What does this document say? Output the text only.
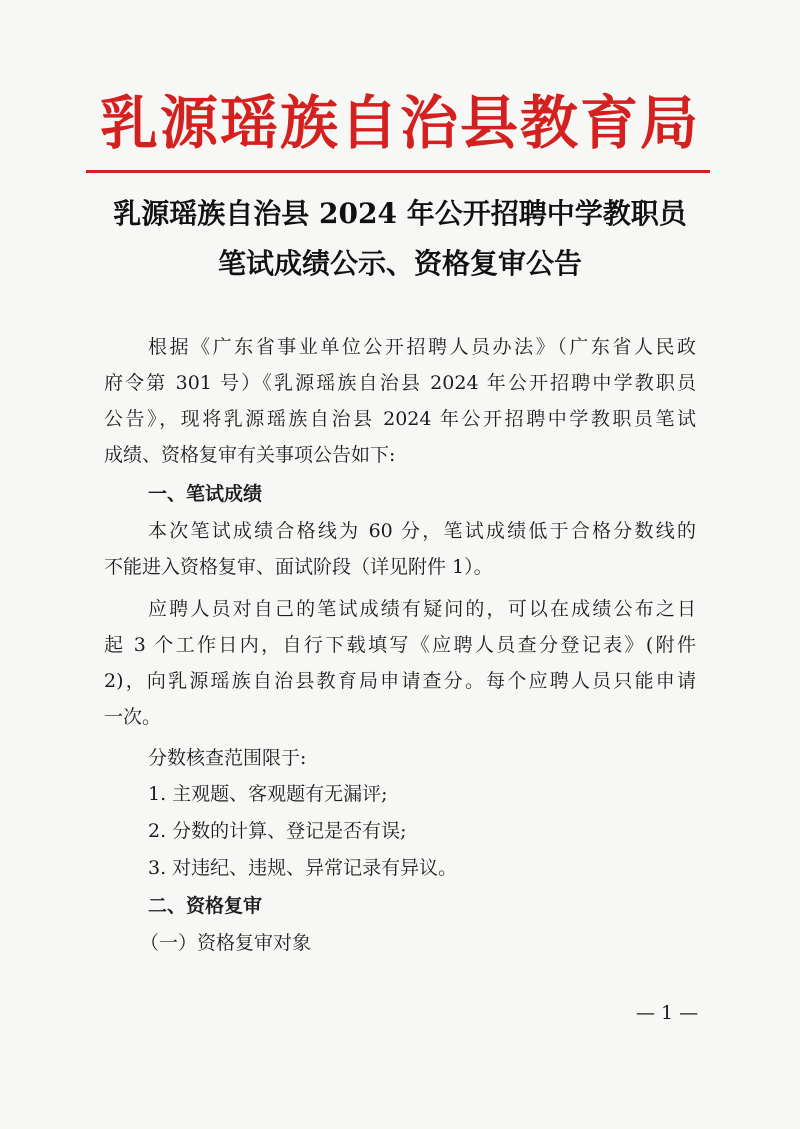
乳源瑶族自治县教育局
乳源瑶族自治县 2024 年公开招聘中学教职员
笔试成绩公示、资格复审公告
根据《广东省事业单位公开招聘人员办法》（广东省人民政
府令第 301 号）《乳源瑶族自治县 2024 年公开招聘中学教职员
公告》，现将乳源瑶族自治县 2024 年公开招聘中学教职员笔试
成绩、资格复审有关事项公告如下:
一、笔试成绩
本次笔试成绩合格线为 60 分，笔试成绩低于合格分数线的
不能进入资格复审、面试阶段（详见附件 1）。
应聘人员对自己的笔试成绩有疑问的，可以在成绩公布之日
起 3 个工作日内，自行下载填写《应聘人员查分登记表》(附件
2)，向乳源瑶族自治县教育局申请查分。每个应聘人员只能申请
一次。
分数核查范围限于:
1. 主观题、客观题有无漏评;
2. 分数的计算、登记是否有误;
3. 对违纪、违规、异常记录有异议。
二、资格复审
（一）资格复审对象
— 1 —
